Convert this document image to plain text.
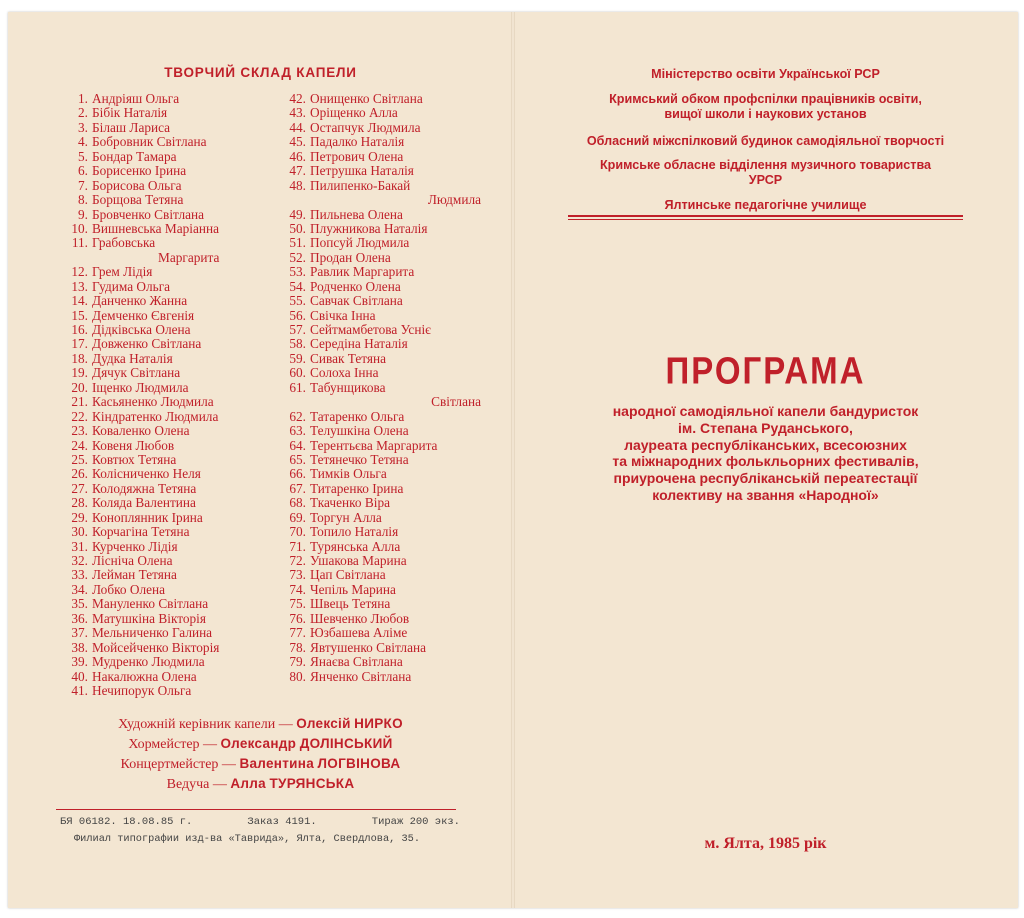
ТВОРЧИЙ СКЛАД КАПЕЛИ
1. Андріяш Ольга
2. Бібік Наталія
3. Білаш Лариса
4. Бобровник Світлана
5. Бондар Тамара
6. Борисенко Ірина
7. Борисова Ольга
8. Борщова Тетяна
9. Бровченко Світлана
10. Вишневська Маріанна
11. Грабовська
Маргарита
12. Грем Лідія
13. Гудима Ольга
14. Данченко Жанна
15. Демченко Євгенія
16. Дідківська Олена
17. Довженко Світлана
18. Дудка Наталія
19. Дячук Світлана
20. Іщенко Людмила
21. Касьяненко Людмила
22. Кіндратенко Людмила
23. Коваленко Олена
24. Ковеня Любов
25. Ковтюх Тетяна
26. Колісниченко Неля
27. Колодяжна Тетяна
28. Коляда Валентина
29. Коноплянник Ірина
30. Корчагіна Тетяна
31. Курченко Лідія
32. Лісніча Олена
33. Лейман Тетяна
34. Лобко Олена
35. Мануленко Світлана
36. Матушкіна Вікторія
37. Мельниченко Галина
38. Мойсейченко Вікторія
39. Мудренко Людмила
40. Накалюжна Олена
41. Нечипорук Ольга
42. Онищенко Світлана
43. Оріщенко Алла
44. Остапчук Людмила
45. Падалко Наталія
46. Петрович Олена
47. Петрушка Наталія
48. Пилипенко-Бакай
Людмила
49. Пильнева Олена
50. Плужникова Наталія
51. Попсуй Людмила
52. Продан Олена
53. Равлик Маргарита
54. Родченко Олена
55. Савчак Світлана
56. Свічка Інна
57. Сейтмамбетова Усніє
58. Середіна Наталія
59. Сивак Тетяна
60. Солоха Інна
61. Табунщикова
Світлана
62. Татаренко Ольга
63. Телушкіна Олена
64. Терентьєва Маргарита
65. Тетянечко Тетяна
66. Тимків Ольга
67. Титаренко Ірина
68. Ткаченко Віра
69. Торгун Алла
70. Топило Наталія
71. Турянська Алла
72. Ушакова Марина
73. Цап Світлана
74. Чепіль Марина
75. Швець Тетяна
76. Шевченко Любов
77. Юзбашева Аліме
78. Явтушенко Світлана
79. Янаєва Світлана
80. Янченко Світлана
Художній керівник капели — Олексій НИРКО
Хормейстер — Олександр ДОЛІНСЬКИЙ
Концертмейстер — Валентина ЛОГВІНОВА
Ведуча — Алла ТУРЯНСЬКА
БЯ 06182. 18.08.85 г.	Заказ 4191.	Тираж 200 экз.
Филиал типографии изд-ва «Таврида», Ялта, Свердлова, 35.
Міністерство освіти Української РСР
Кримський обком профспілки працівників освіти,
вищої школи і наукових установ
Обласний міжспілковий будинок самодіяльної творчості
Кримське обласне відділення музичного товариства
УРСР
Ялтинське педагогічне училище
ПРОГРАМА
народної самодіяльної капели бандуристок
ім. Степана Руданського,
лауреата республіканських, всесоюзних
та міжнародних фолькльорних фестивалів,
приурочена республіканській переатестації
колективу на звання «Народної»
м. Ялта, 1985 рік
